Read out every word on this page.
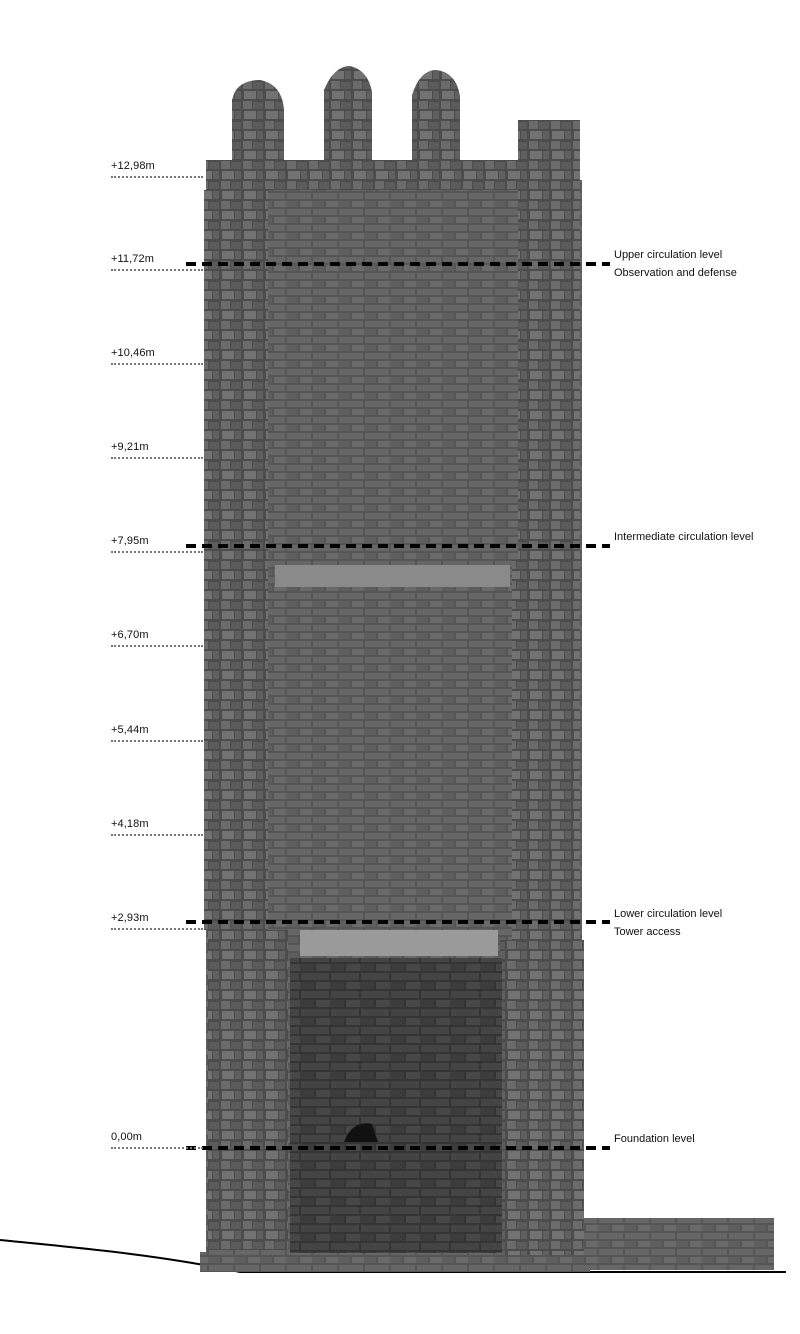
+12,98m
+11,72m
+10,46m
+9,21m
+7,95m
+6,70m
+5,44m
+4,18m
+2,93m
0,00m
Upper circulation level
Observation and defense
Intermediate circulation level
Lower circulation level
Tower access
Foundation level
